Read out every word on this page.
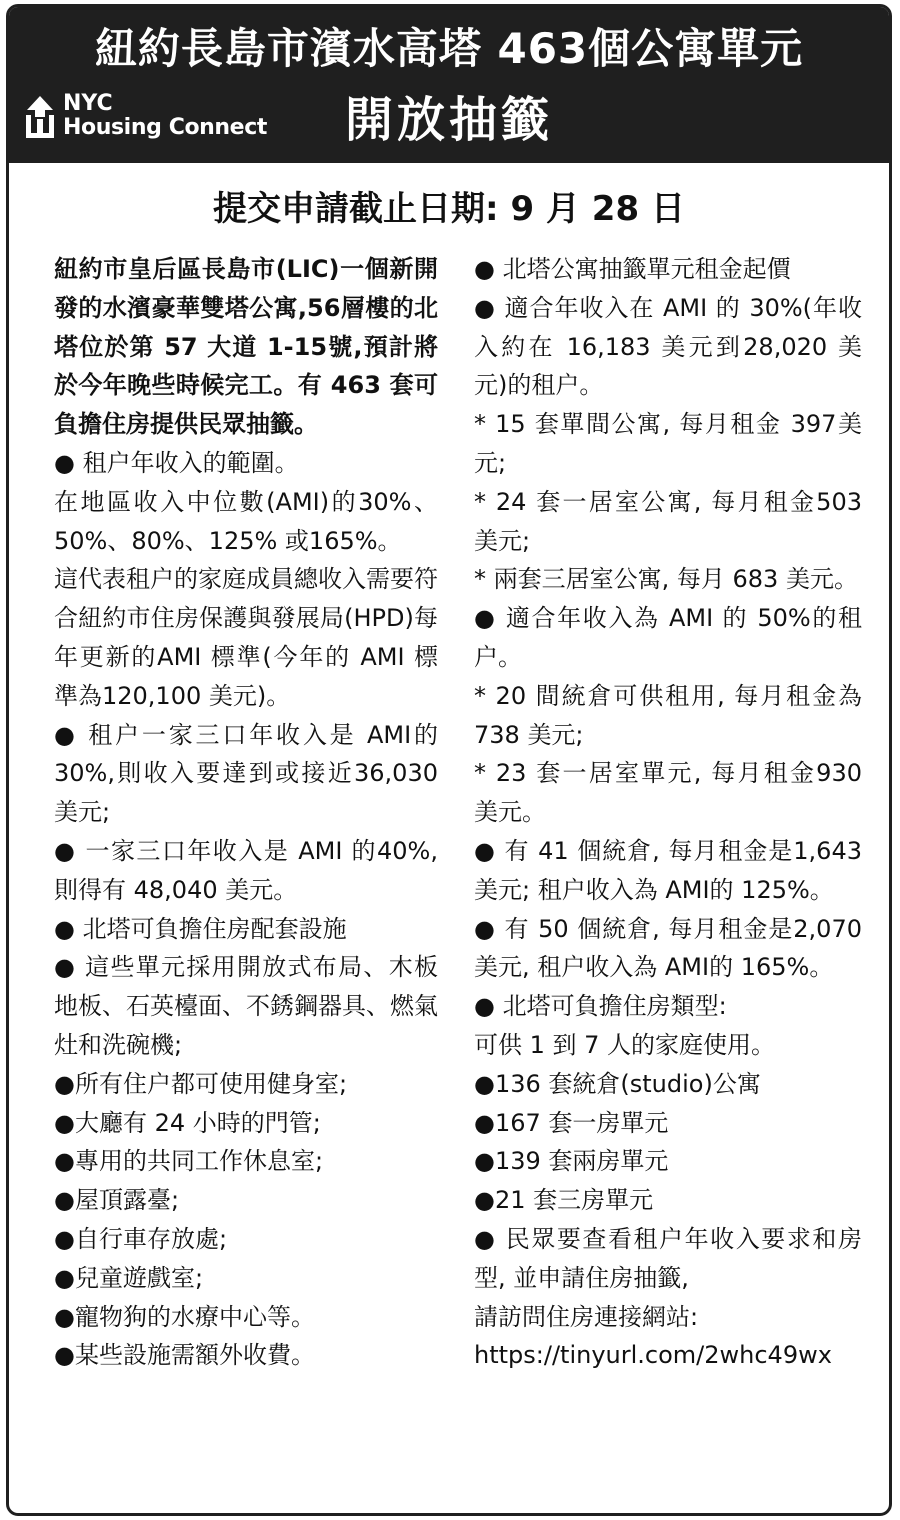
紐約長島市濱水高塔 463個公寓單元
開放抽籤
NYC
Housing Connect
提交申請截止日期: 9 月 28 日

紐約市皇后區長島市(LIC)一個新開發的水濱豪華雙塔公寓,56層樓的北塔位於第 57 大道 1-15號,預計將於今年晚些時候完工。有 463 套可負擔住房提供民眾抽籤。

● 租户年收入的範圍。

在地區收入中位數(AMI)的30%、50%、80%、125% 或165%。

這代表租户的家庭成員總收入需要符合紐約市住房保護與發展局(HPD)每年更新的AMI 標準(今年的 AMI 標準為120,100 美元)。

● 租户一家三口年收入是 AMI的 30%,則收入要達到或接近36,030 美元;

● 一家三口年收入是 AMI 的40%,則得有 48,040 美元。

● 北塔可負擔住房配套設施

● 這些單元採用開放式布局、木板地板、石英檯面、不銹鋼器具、燃氣灶和洗碗機;

●所有住户都可使用健身室;

●大廳有 24 小時的門管;

●專用的共同工作休息室;

●屋頂露臺;

●自行車存放處;

●兒童遊戲室;

●寵物狗的水療中心等。

●某些設施需額外收費。

● 北塔公寓抽籤單元租金起價

● 適合年收入在 AMI 的 30%(年收入約在 16,183 美元到28,020 美元)的租户。

* 15 套單間公寓, 每月租金 397美元;

* 24 套一居室公寓, 每月租金503 美元;

* 兩套三居室公寓, 每月 683 美元。

● 適合年收入為 AMI 的 50%的租户。

* 20 間統倉可供租用, 每月租金為 738 美元;

* 23 套一居室單元, 每月租金930 美元。

● 有 41 個統倉, 每月租金是1,643 美元; 租户收入為 AMI的 125%。

● 有 50 個統倉, 每月租金是2,070 美元, 租户收入為 AMI的 165%。

● 北塔可負擔住房類型:

可供 1 到 7 人的家庭使用。

●136 套統倉(studio)公寓

●167 套一房單元

●139 套兩房單元

●21 套三房單元

● 民眾要查看租户年收入要求和房型, 並申請住房抽籤,

請訪問住房連接網站:

https://tinyurl.com/2whc49wx
